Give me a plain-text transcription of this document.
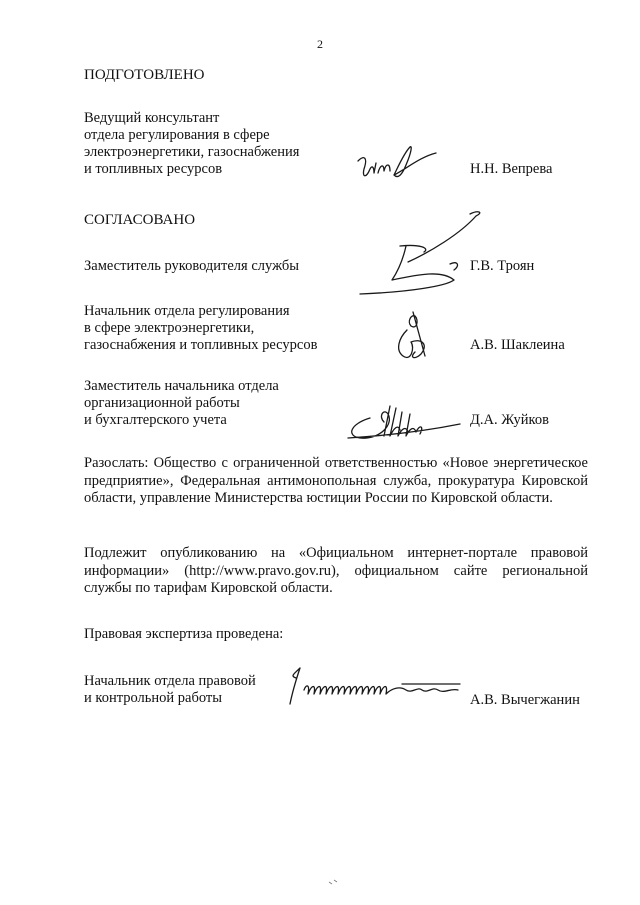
2
ПОДГОТОВЛЕНО
Ведущий консультант
отдела регулирования в сфере
электроэнергетики, газоснабжения
и топливных ресурсов	Н.Н. Вепрева
СОГЛАСОВАНО
Заместитель руководителя службы	Г.В. Троян
Начальник отдела регулирования
в сфере электроэнергетики,
газоснабжения и топливных ресурсов	А.В. Шаклеина
Заместитель начальника отдела
организационной работы
и бухгалтерского учета	Д.А. Жуйков
Разослать: Общество с ограниченной ответственностью «Новое энергетическое предприятие», Федеральная антимонопольная служба, прокуратура Кировской области, управление Министерства юстиции России по Кировской области.
Подлежит опубликованию на «Официальном интернет-портале правовой информации» (http://www.pravo.gov.ru), официальном сайте региональной службы по тарифам Кировской области.
Правовая экспертиза проведена:
Начальник отдела правовой
и контрольной работы	А.В. Вычегжанин
